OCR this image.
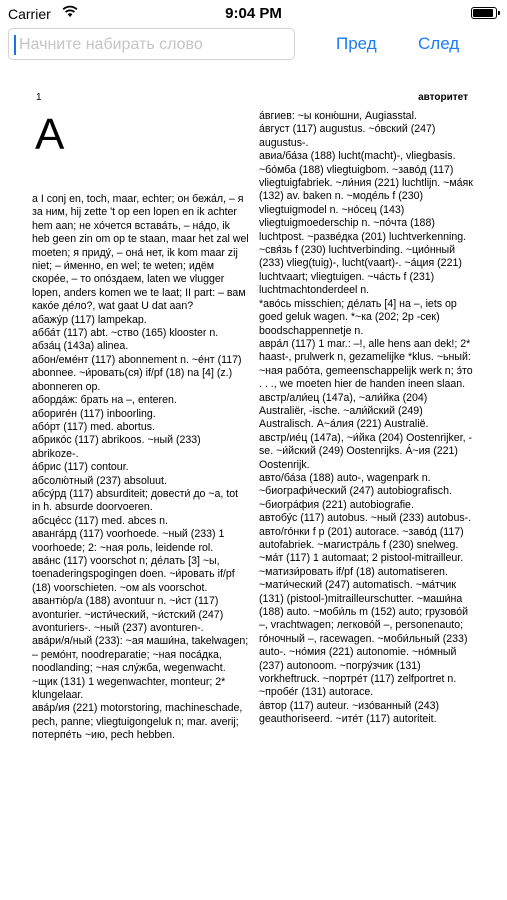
Carrier	9:04 PM
Начните набирать слово
Пред След
1	авторитет
А
а I conj en, toch, maar, echter; он бежа́л, – я за ним, hij zette 't op een lopen en ik achter hem aan; не хо́чется встава́ть, – на́до, ik heb geen zin om op te staan, maar het zal wel moeten; я приду́, – она́ нет, ik kom maar zij niet; – и́менно, en wel; te weten; идём скоре́е, – то опо́здаем, laten we vlugger lopen, anders komen we te laat; II part: – вам како́е де́ло?, wat gaat U dat aan?
абажу́р (117) lampekap.
абба́т (117) abt. ~ство (165) klooster n.
абза́ц (143a) alinea.
абон/еме́нт (117) abonnement n. ~е́нт (117) abonnee. ~и́ровать(ся) if/pf (18) na [4] (z.) abonneren op.
абордáж: брать на –, enteren.
абориге́н (117) inboorling.
або́рт (117) med. abortus.
абрико́с (117) abrikoos. ~ный (233) abrikoze-.
а́брис (117) contour.
абсолю́тный (237) absoluut.
абсу́рд (117) absurditeit; довести́ до ~а, tot in h. absurde doorvoeren.
абсце́сс (117) med. abces n.
аванга́рд (117) voorhoede. ~ный (233) 1 voorhoede; 2: ~ная роль, leidende rol.
ава́нс (117) voorschot n; де́лать [3] ~ы, toenaderingspogingen doen. ~и́ровать if/pf (18) voorschieten. ~ом als voorschot.
авантю́р/а (188) avontuur n. ~и́ст (117) avonturier. ~исти́ческий, ~и́стский (247) avonturiers-. ~ный (237) avonturen-.
ава́ри/я/ный (233): ~ая маши́на, takelwagen; – ремо́нт, noodreparatie; ~ная поса́дка, noodlanding; ~ная слу́жба, wegenwacht. ~щик (131) 1 wegenwachter, monteur; 2* klungelaar.
ава́р/ия (221) motorstoring, machineschade, pech, panne; vliegtuigongeluk n; mar. averij; потерпе́ть ~ию, pech hebben.
а́вгиев: ~ы коню́шни, Augiasstal.
а́вгуст (117) augustus. ~о́вский (247) augustus-.
авиа/ба́за (188) lucht(macht)-, vliegbasis. ~бо́мба (188) vliegtuigbom. ~заво́д (117) vliegtuigfabriek. ~ли́ния (221) luchtlijn. ~ма́як (132) av. baken n. ~моде́ль f (230) vliegtuigmodel n. ~но́сец (143) vliegtuigmoederschip n. ~по́чта (188) luchtpost. ~разве́дка (201) luchtverkenning. ~свя́зь f (230) luchtverbinding. ~цио́нный (233) vlieg(tuig)-, lucht(vaart)-. ~а́ция (221) luchtvaart; vliegtuigen. ~ча́сть f (231) luchtmachtonderdeel n.
*аво́сь misschien; де́лать [4] на –, iets op goed geluk wagen. *~ка (202; 2p -сек) boodschappennetje n.
авра́л (117) 1 mar.: –!, alle hens aan dek!; 2* haast-, prulwerk n, gezamelijke *klus. ~ьный: ~ная рабо́та, gemeenschappelijk werk n; э́то . . ., we moeten hier de handen ineen slaan.
австр/али́ец (147a), ~али́йка (204) Australiër, -ische. ~али́йский (249) Australisch. А~а́лия (221) Australië.
австр/ие́ц (147a), ~и́йка (204) Oostenrijker, -se. ~и́йский (249) Oostenrijks. А́~ия (221) Oostenrijk.
авто/ба́за (188) auto-, wagenpark n. ~биографи́ческий (247) autobiografisch. ~биогра́фия (221) autobiografie.
автобу́с (117) autobus. ~ный (233) autobus-.
авто/го́нки f p (201) autorace. ~заво́д (117) autofabriek. ~магистра́ль f (230) snelweg. ~ма́т (117) 1 automaat; 2 pistool-mitrailleur. ~матизи́ровать if/pf (18) automatiseren. ~мати́ческий (247) automatisch. ~ма́тчик (131) (pistool-)mitrailleurschutter. ~маши́на (188) auto. ~моби́ль m (152) auto; грузово́й –, vrachtwagen; легково́й –, personenauto; го́ночный –, racewagen. ~моби́льный (233) auto-. ~но́мия (221) autonomie. ~но́мный (237) autonoom. ~погру́зчик (131) vorkheftruck. ~портре́т (117) zelfportret n. ~пробе́г (131) autorace.
а́втор (117) auteur. ~изо́ванный (243) geauthoriseerd. ~ите́т (117) autoriteit.
